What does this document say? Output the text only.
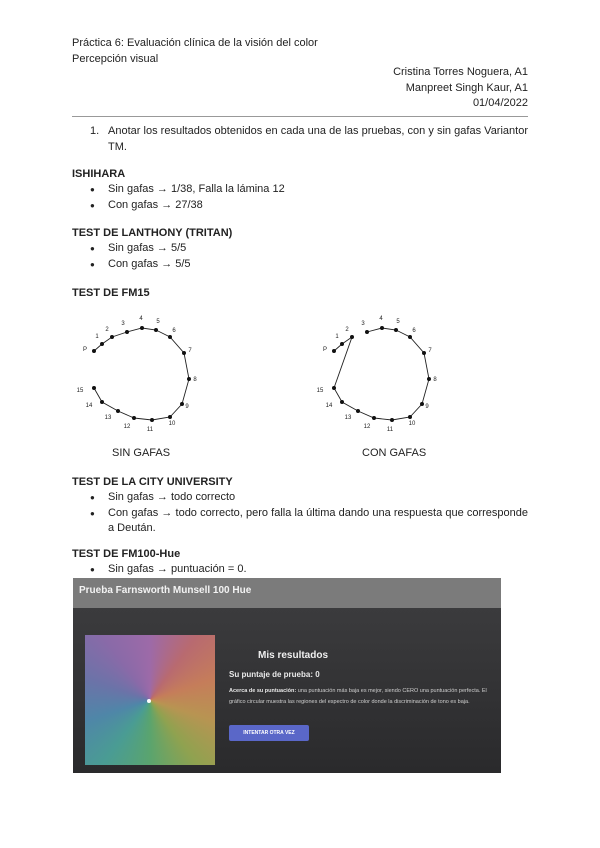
Práctica 6: Evaluación clínica de la visión del color
Percepción visual
Cristina Torres Noguera, A1
Manpreet Singh Kaur, A1
01/04/2022
1. Anotar los resultados obtenidos en cada una de las pruebas, con y sin gafas Variantor TM.
ISHIHARA
● Sin gafas → 1/38, Falla la lámina 12
● Con gafas → 27/38
TEST DE LANTHONY (TRITAN)
● Sin gafas → 5/5
● Con gafas → 5/5
TEST DE FM15
P
1
2
3
4 5
6
7
8
9
10
11
12
13
14
15
P
1
2
3
4 5
6
7
8
9
10
11
12
13
14
15
SIN GAFAS	CON GAFAS
TEST DE LA CITY UNIVERSITY
● Sin gafas → todo correcto
● Con gafas → todo correcto, pero falla la última dando una respuesta que corresponde a Deután.
TEST DE FM100-Hue
● Sin gafas → puntuación = 0.
Prueba Farnsworth Munsell 100 Hue
Mis resultados
Su puntaje de prueba: 0
Acerca de su puntuación: una puntuación más baja es mejor, siendo CERO una puntuación perfecta. El gráfico circular muestra las regiones del espectro de color donde la discriminación de tono es baja.
INTENTAR OTRA VEZ
